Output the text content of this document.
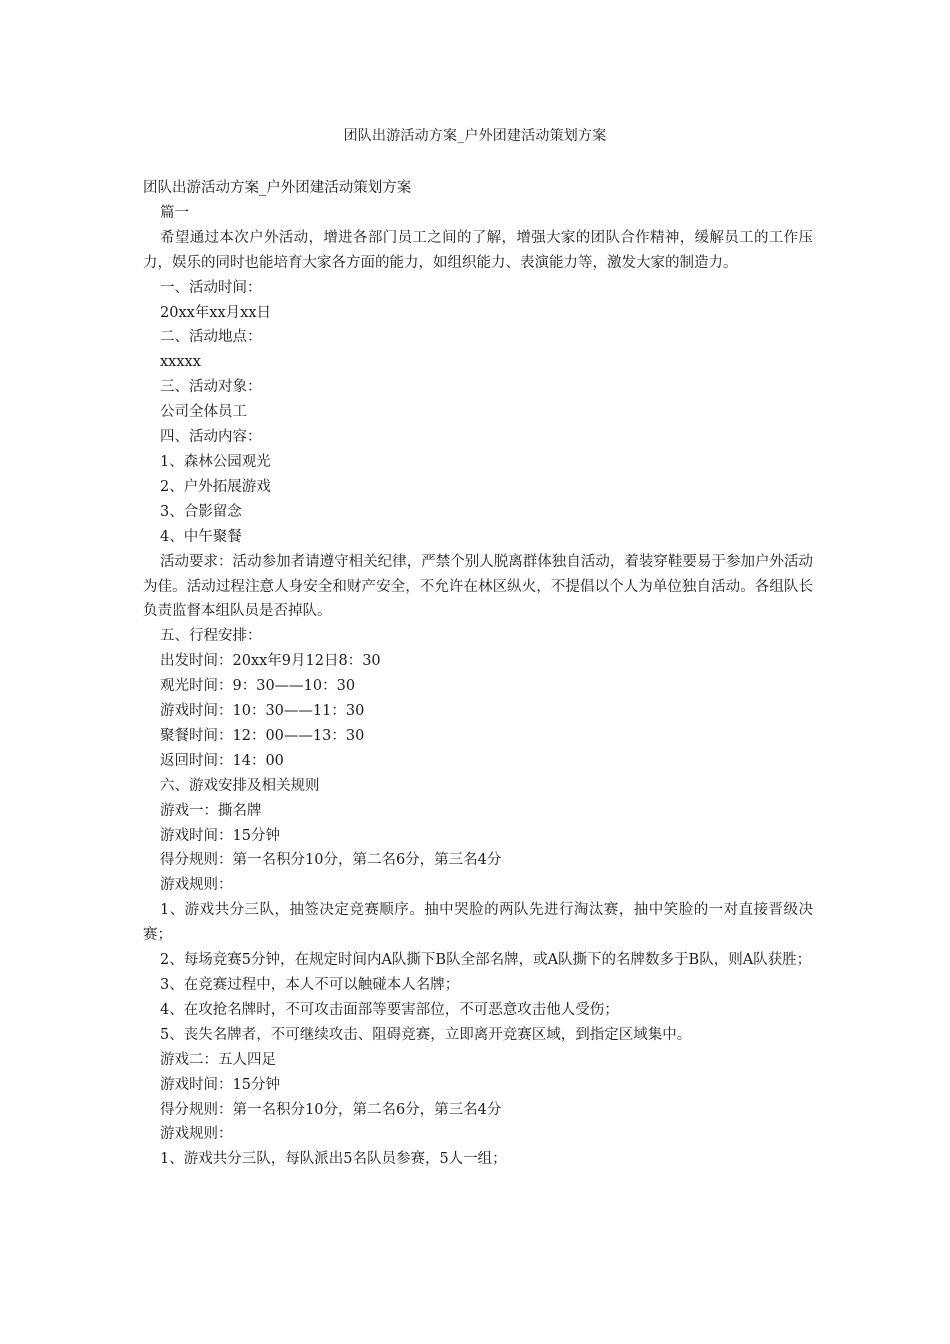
团队出游活动方案_户外团建活动策划方案
团队出游活动方案_户外团建活动策划方案
篇一
希望通过本次户外活动，增进各部门员工之间的了解，增强大家的团队合作精神，缓解员工的工作压力，娱乐的同时也能培育大家各方面的能力，如组织能力、表演能力等，激发大家的制造力。
一、活动时间：
20xx年xx月xx日
二、活动地点：
xxxxx
三、活动对象：
公司全体员工
四、活动内容：
1、森林公园观光
2、户外拓展游戏
3、合影留念
4、中午聚餐
活动要求：活动参加者请遵守相关纪律，严禁个别人脱离群体独自活动，着装穿鞋要易于参加户外活动为佳。活动过程注意人身安全和财产安全，不允许在林区纵火，不提倡以个人为单位独自活动。各组队长负责监督本组队员是否掉队。
五、行程安排：
出发时间：20xx年9月12日8：30
观光时间：9：30——10：30
游戏时间：10：30——11：30
聚餐时间：12：00——13：30
返回时间：14：00
六、游戏安排及相关规则
游戏一：撕名牌
游戏时间：15分钟
得分规则：第一名积分10分，第二名6分，第三名4分
游戏规则：
1、游戏共分三队，抽签决定竞赛顺序。抽中哭脸的两队先进行淘汰赛，抽中笑脸的一对直接晋级决赛；
2、每场竞赛5分钟，在规定时间内A队撕下B队全部名牌，或A队撕下的名牌数多于B队，则A队获胜；
3、在竞赛过程中，本人不可以触碰本人名牌；
4、在攻抢名牌时，不可攻击面部等要害部位，不可恶意攻击他人受伤；
5、丧失名牌者，不可继续攻击、阻碍竞赛，立即离开竞赛区域，到指定区域集中。
游戏二：五人四足
游戏时间：15分钟
得分规则：第一名积分10分，第二名6分，第三名4分
游戏规则：
1、游戏共分三队，每队派出5名队员参赛，5人一组；
